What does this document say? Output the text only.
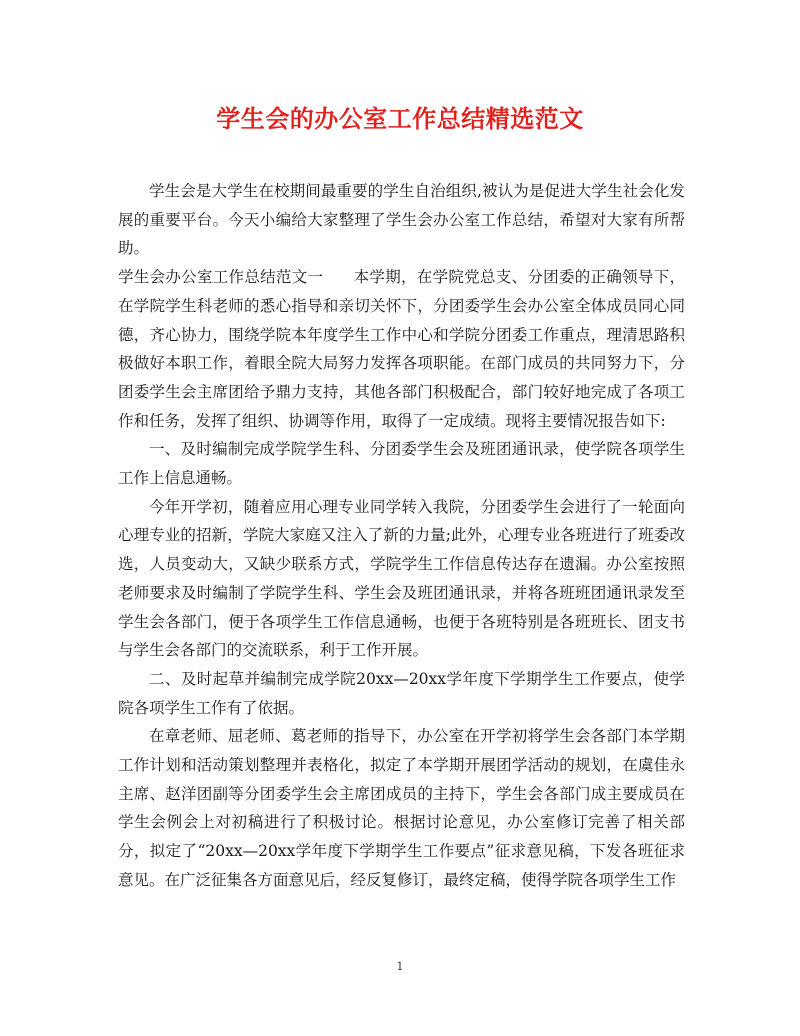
学生会的办公室工作总结精选范文

学生会是大学生在校期间最重要的学生自治组织,被认为是促进大学生社会化发展的重要平台。今天小编给大家整理了学生会办公室工作总结，希望对大家有所帮助。

学生会办公室工作总结范文一 本学期，在学院党总支、分团委的正确领导下，在学院学生科老师的悉心指导和亲切关怀下，分团委学生会办公室全体成员同心同德，齐心协力，围绕学院本年度学生工作中心和学院分团委工作重点，理清思路积极做好本职工作，着眼全院大局努力发挥各项职能。在部门成员的共同努力下，分团委学生会主席团给予鼎力支持，其他各部门积极配合，部门较好地完成了各项工作和任务，发挥了组织、协调等作用，取得了一定成绩。现将主要情况报告如下:

一、及时编制完成学院学生科、分团委学生会及班团通讯录，使学院各项学生工作上信息通畅。

今年开学初，随着应用心理专业同学转入我院，分团委学生会进行了一轮面向心理专业的招新，学院大家庭又注入了新的力量;此外，心理专业各班进行了班委改选，人员变动大，又缺少联系方式，学院学生工作信息传达存在遗漏。办公室按照老师要求及时编制了学院学生科、学生会及班团通讯录，并将各班班团通讯录发至学生会各部门，便于各项学生工作信息通畅，也便于各班特别是各班班长、团支书与学生会各部门的交流联系，利于工作开展。

二、及时起草并编制完成学院20xx—20xx学年度下学期学生工作要点，使学院各项学生工作有了依据。

在章老师、屈老师、葛老师的指导下，办公室在开学初将学生会各部门本学期工作计划和活动策划整理并表格化，拟定了本学期开展团学活动的规划，在虞佳永主席、赵洋团副等分团委学生会主席团成员的主持下，学生会各部门成主要成员在学生会例会上对初稿进行了积极讨论。根据讨论意见，办公室修订完善了相关部分，拟定了“20xx—20xx学年度下学期学生工作要点”征求意见稿，下发各班征求意见。在广泛征集各方面意见后，经反复修订，最终定稿，使得学院各项学生工作

1
